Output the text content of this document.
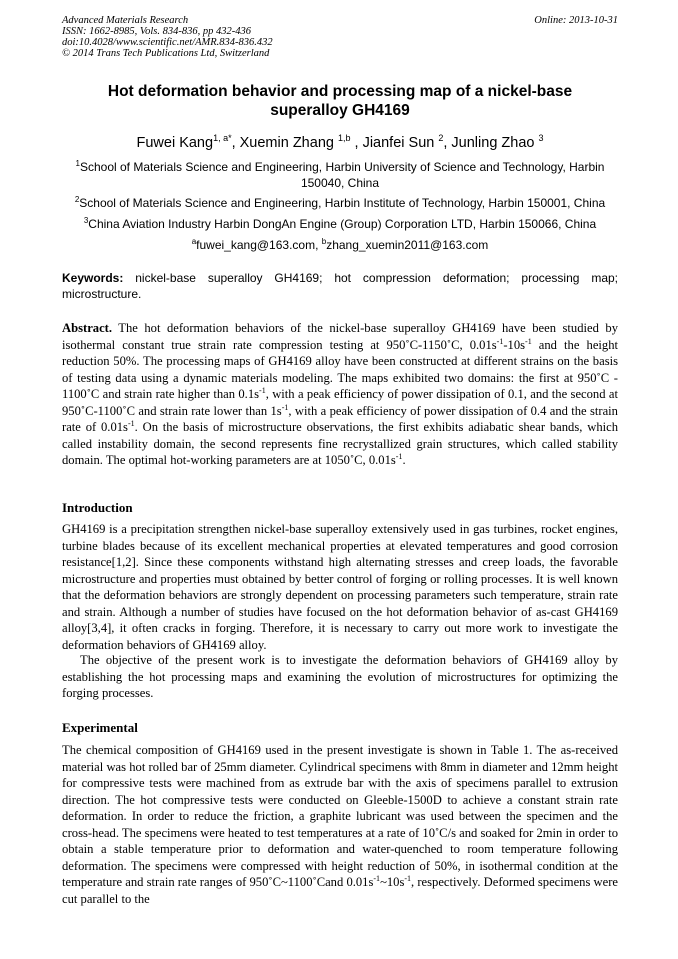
Advanced Materials Research
ISSN: 1662-8985, Vols. 834-836, pp 432-436
doi:10.4028/www.scientific.net/AMR.834-836.432
© 2014 Trans Tech Publications Ltd, Switzerland
Online: 2013-10-31
Hot deformation behavior and processing map of a nickel-base superalloy GH4169
Fuwei Kang$^{1, a*}$, Xuemin Zhang $^{1,b}$ , Jianfei Sun $^2$, Junling Zhao $^3$
$^1$School of Materials Science and Engineering, Harbin University of Science and Technology, Harbin 150040, China
$^2$School of Materials Science and Engineering, Harbin Institute of Technology, Harbin 150001, China
$^3$China Aviation Industry Harbin DongAn Engine (Group) Corporation LTD, Harbin 150066, China
$^a$fuwei_kang@163.com, $^b$zhang_xuemin2011@163.com
Keywords: nickel-base superalloy GH4169; hot compression deformation; processing map; microstructure.
Abstract. The hot deformation behaviors of the nickel-base superalloy GH4169 have been studied by isothermal constant true strain rate compression testing at 950˚C-1150˚C, $0.01s^{-1}-10s^{-1}$ and the height reduction 50%. The processing maps of GH4169 alloy have been constructed at different strains on the basis of testing data using a dynamic materials modeling. The maps exhibited two domains: the first at 950˚C - 1100˚C and strain rate higher than $0.1s^{-1}$, with a peak efficiency of power dissipation of 0.1, and the second at 950˚C-1100˚C and strain rate lower than $1s^{-1}$, with a peak efficiency of power dissipation of 0.4 and the strain rate of $0.01s^{-1}$. On the basis of microstructure observations, the first exhibits adiabatic shear bands, which called instability domain, the second represents fine recrystallized grain structures, which called stability domain. The optimal hot-working parameters are at 1050˚C, $0.01s^{-1}$.
Introduction
GH4169 is a precipitation strengthen nickel-base superalloy extensively used in gas turbines, rocket engines, turbine blades because of its excellent mechanical properties at elevated temperatures and good corrosion resistance[1,2]. Since these components withstand high alternating stresses and creep loads, the favorable microstructure and properties must obtained by better control of forging or rolling processes. It is well known that the deformation behaviors are strongly dependent on processing parameters such temperature, strain rate and strain. Although a number of studies have focused on the hot deformation behavior of as-cast GH4169 alloy[3,4], it often cracks in forging. Therefore, it is necessary to carry out more work to investigate the deformation behaviors of GH4169 alloy.
The objective of the present work is to investigate the deformation behaviors of GH4169 alloy by establishing the hot processing maps and examining the evolution of microstructures for optimizing the forging processes.
Experimental
The chemical composition of GH4169 used in the present investigate is shown in Table 1. The as-received material was hot rolled bar of 25mm diameter. Cylindrical specimens with 8mm in diameter and 12mm height for compressive tests were machined from as extrude bar with the axis of specimens parallel to extrusion direction. The hot compressive tests were conducted on Gleeble-1500D to achieve a constant strain rate deformation. In order to reduce the friction, a graphite lubricant was used between the specimen and the cross-head. The specimens were heated to test temperatures at a rate of 10˚C/s and soaked for 2min in order to obtain a stable temperature prior to deformation and water-quenched to room temperature following deformation. The specimens were compressed with height reduction of 50%, in isothermal condition at the temperature and strain rate ranges of 950˚C~1100˚Cand $0.01s^{-1}\sim 10s^{-1}$, respectively. Deformed specimens were cut parallel to the
